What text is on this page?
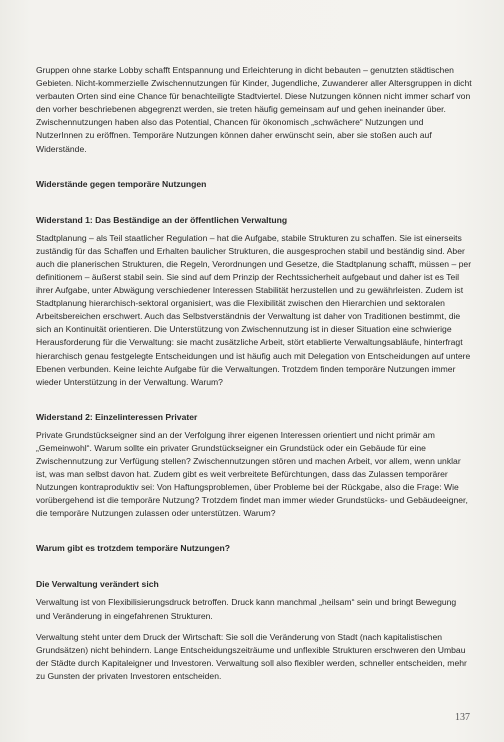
Gruppen ohne starke Lobby schafft Entspannung und Erleichterung in dicht bebauten – genutzten städtischen Gebieten. Nicht-kommerzielle Zwischennutzungen für Kinder, Jugendliche, Zuwanderer aller Altersgruppen in dicht verbauten Orten sind eine Chance für benachteiligte Stadtviertel. Diese Nutzungen können nicht immer scharf von den vorher beschriebenen abgegrenzt werden, sie treten häufig gemeinsam auf und gehen ineinander über. Zwischennutzungen haben also das Potential, Chancen für ökonomisch „schwächere“ Nutzungen und NutzerInnen zu eröffnen. Temporäre Nutzungen können daher erwünscht sein, aber sie stoßen auch auf Widerstände.

Widerstände gegen temporäre Nutzungen
Widerstand 1: Das Beständige an der öffentlichen Verwaltung

Stadtplanung – als Teil staatlicher Regulation – hat die Aufgabe, stabile Strukturen zu schaffen. Sie ist einerseits zuständig für das Schaffen und Erhalten baulicher Strukturen, die ausgesprochen stabil und beständig sind. Aber auch die planerischen Strukturen, die Regeln, Verordnungen und Gesetze, die Stadtplanung schafft, müssen – per definitionem – äußerst stabil sein. Sie sind auf dem Prinzip der Rechtssicherheit aufgebaut und daher ist es Teil ihrer Aufgabe, unter Abwägung verschiedener Interessen Stabilität herzustellen und zu gewährleisten. Zudem ist Stadtplanung hierarchisch-sektoral organisiert, was die Flexibilität zwischen den Hierarchien und sektoralen Arbeitsbereichen erschwert. Auch das Selbstverständnis der Verwaltung ist daher von Traditionen bestimmt, die sich an Kontinuität orientieren. Die Unterstützung von Zwischennutzung ist in dieser Situation eine schwierige Herausforderung für die Verwaltung: sie macht zusätzliche Arbeit, stört etablierte Verwaltungsabläufe, hinterfragt hierarchisch genau festgelegte Entscheidungen und ist häufig auch mit Delegation von Entscheidungen auf untere Ebenen verbunden. Keine leichte Aufgabe für die Verwaltungen. Trotzdem finden temporäre Nutzungen immer wieder Unterstützung in der Verwaltung. Warum?

Widerstand 2: Einzelinteressen Privater

Private Grundstückseigner sind an der Verfolgung ihrer eigenen Interessen orientiert und nicht primär am „Gemeinwohl“. Warum sollte ein privater Grundstückseigner ein Grundstück oder ein Gebäude für eine Zwischennutzung zur Verfügung stellen? Zwischennutzungen stören und machen Arbeit, vor allem, wenn unklar ist, was man selbst davon hat. Zudem gibt es weit verbreitete Befürchtungen, dass das Zulassen temporärer Nutzungen kontraproduktiv sei: Von Haftungsproblemen, über Probleme bei der Rückgabe, also die Frage: Wie vorübergehend ist die temporäre Nutzung? Trotzdem findet man immer wieder Grundstücks- und Gebäudeeigner, die temporäre Nutzungen zulassen oder unterstützen. Warum?

Warum gibt es trotzdem temporäre Nutzungen?
Die Verwaltung verändert sich

Verwaltung ist von Flexibilisierungsdruck betroffen. Druck kann manchmal „heilsam“ sein und bringt Bewegung und Veränderung in eingefahrenen Strukturen.

Verwaltung steht unter dem Druck der Wirtschaft: Sie soll die Veränderung von Stadt (nach kapitalistischen Grundsätzen) nicht behindern. Lange Entscheidungszeiträume und unflexible Strukturen erschweren den Umbau der Städte durch Kapitaleigner und Investoren. Verwaltung soll also flexibler werden, schneller entscheiden, mehr zu Gunsten der privaten Investoren entscheiden.

137
